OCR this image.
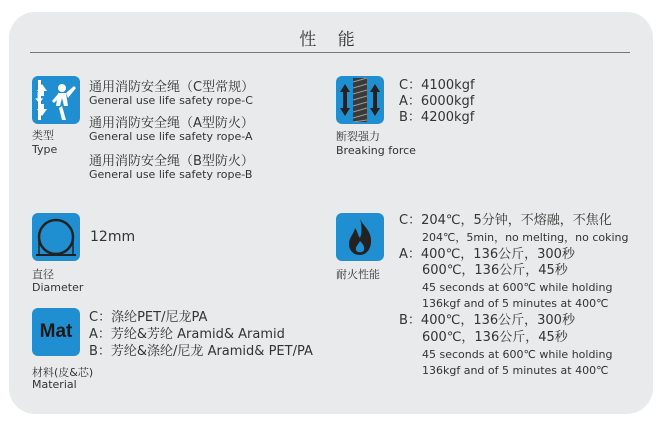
性 能
类型
Type
通用消防安全绳（C型常规）
General use life safety rope-C
通用消防安全绳（A型防火）
General use life safety rope-A
通用消防安全绳（B型防火）
General use life safety rope-B
断裂强力
Breaking force
C：4100kgf
A：6000kgf
B：4200kgf
12mm
直径
Diameter
耐火性能
C：204℃，5分钟，不熔融，不焦化
204℃，5min，no melting，no coking
A：400℃，136公斤，300秒
600℃，136公斤，45秒
45 seconds at 600℃ while holding
136kgf and of 5 minutes at 400℃
B：400℃，136公斤，300秒
600℃，136公斤，45秒
45 seconds at 600℃ while holding
136kgf and of 5 minutes at 400℃
Mat
材料(皮&芯)
Material
C：涤纶PET/尼龙PA
A：芳纶&芳纶 Aramid& Aramid
B：芳纶&涤纶/尼龙 Aramid& PET/PA
